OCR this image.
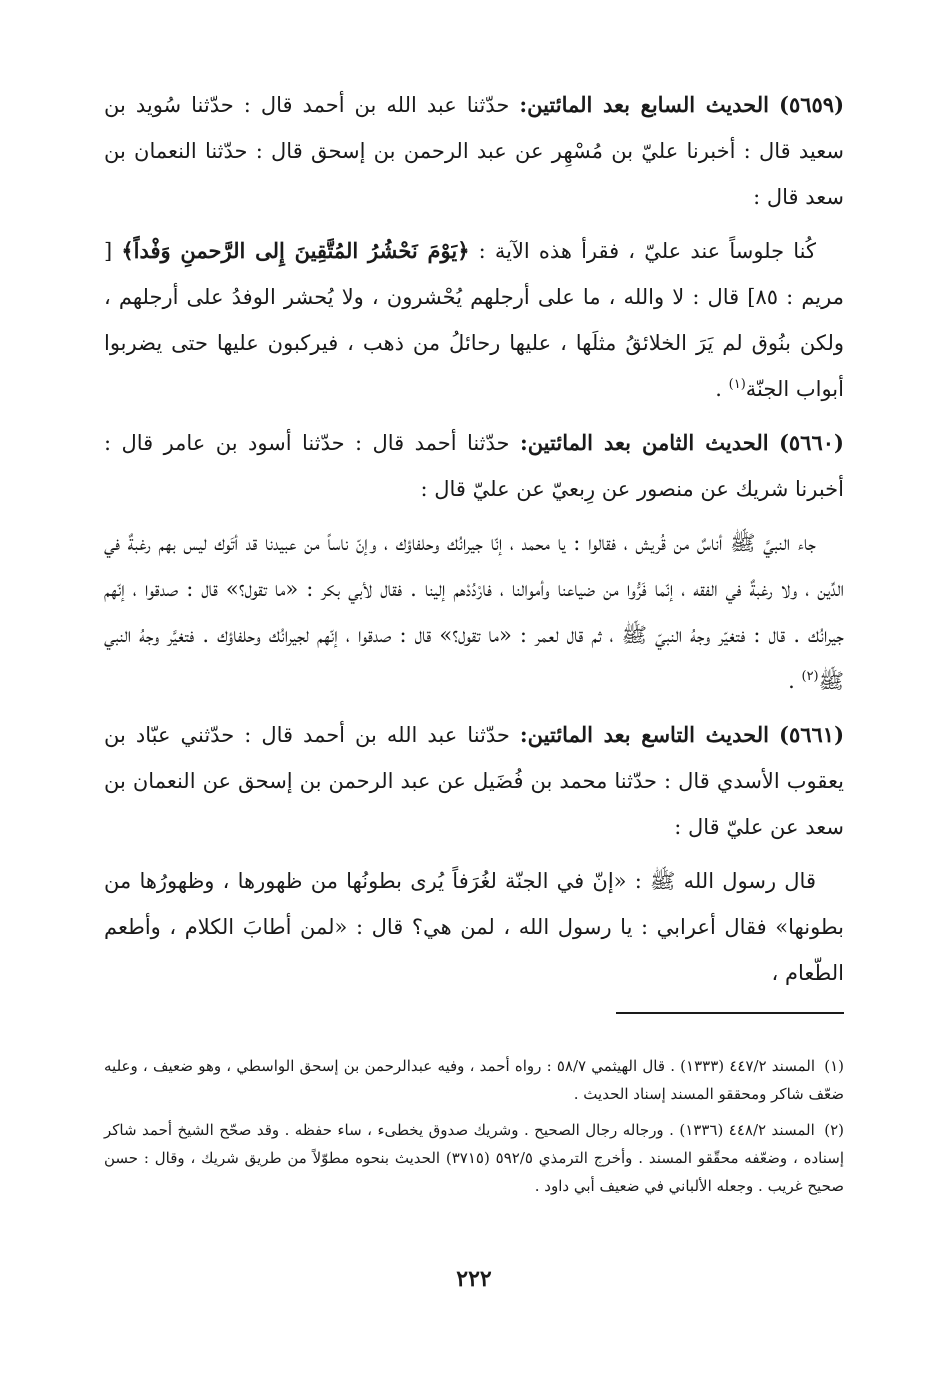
(٥٦٥٩) الحديث السابع بعد المائتين: حدّثنا عبد الله بن أحمد قال : حدّثنا سُويد بن سعيد قال : أخبرنا عليّ بن مُسْهِر عن عبد الرحمن بن إسحق قال : حدّثنا النعمان بن سعد قال :

كُنا جلوساً عند عليّ ، فقرأ هذه الآية : ﴿يَوْمَ نَحْشُرُ المُتَّقِينَ إِلى الرَّحمنِ وَفْداً﴾ [ مريم : ٨٥] قال : لا والله ، ما على أرجلهم يُحْشرون ، ولا يُحشر الوفدُ على أرجلهم ، ولكن بنُوق لم يَرَ الخلائقُ مثلَها ، عليها رحائلُ من ذهب ، فيركبون عليها حتى يضربوا أبواب الجنّة$^{(١)}$ .

(٥٦٦٠) الحديث الثامن بعد المائتين: حدّثنا أحمد قال : حدّثنا أسود بن عامر قال : أخبرنا شريك عن منصور عن رِبعيّ عن عليّ قال :

جاء النبيَّ ﷺ أناسٌ من قُريش ، فقالوا : يا محمد ، إنّا جيرانُك وحلفاؤك ، وإنّ ناساً من عبيدنا قد أتَوك ليس بهم رغبةٌ في الدِّين ، ولا رغبةٌ في الفقه ، إنّما فَرُّوا من ضياعنا وأموالنا ، فارْدُدْهم إلينا . فقال لأبي بكر : «ما تقول؟» قال : صدقوا ، إنّهم جيرانُك . قال : فتغيّر وجهُ النبيّ ﷺ ، ثم قال لعمر : «ما تقول؟» قال : صدقوا ، إنّهم لجيرانُك وحلفاؤك . فتغيَّر وجهُ النبي ﷺ$^{(٢)}$ .

(٥٦٦١) الحديث التاسع بعد المائتين: حدّثنا عبد الله بن أحمد قال : حدّثني عبّاد بن يعقوب الأسدي قال : حدّثنا محمد بن فُضَيل عن عبد الرحمن بن إسحق عن النعمان بن سعد عن عليّ قال :

قال رسول الله ﷺ : «إنّ في الجنّة لغُرَفاً يُرى بطونُها من ظهورها ، وظهورُها من بطونها» فقال أعرابي : يا رسول الله ، لمن هي؟ قال : «لمن أطابَ الكلام ، وأطعم الطّعام ،

(١) المسند ٤٤٧/٢ (١٣٣٣) . قال الهيثمي ٥٨/٧ : رواه أحمد ، وفيه عبدالرحمن بن إسحق الواسطي ، وهو ضعيف ، وعليه ضعّف شاكر ومحققو المسند إسناد الحديث .

(٢) المسند ٤٤٨/٢ (١٣٣٦) . ورجاله رجال الصحيح . وشريك صدوق يخطىء ، ساء حفظه . وقد صحّح الشيخ أحمد شاكر إسناده ، وضعّفه محقّقو المسند . وأخرج الترمذي ٥٩٢/٥ (٣٧١٥) الحديث بنحوه مطوّلاً من طريق شريك ، وقال : حسن صحيح غريب . وجعله الألباني في ضعيف أبي داود .

٢٢٢
